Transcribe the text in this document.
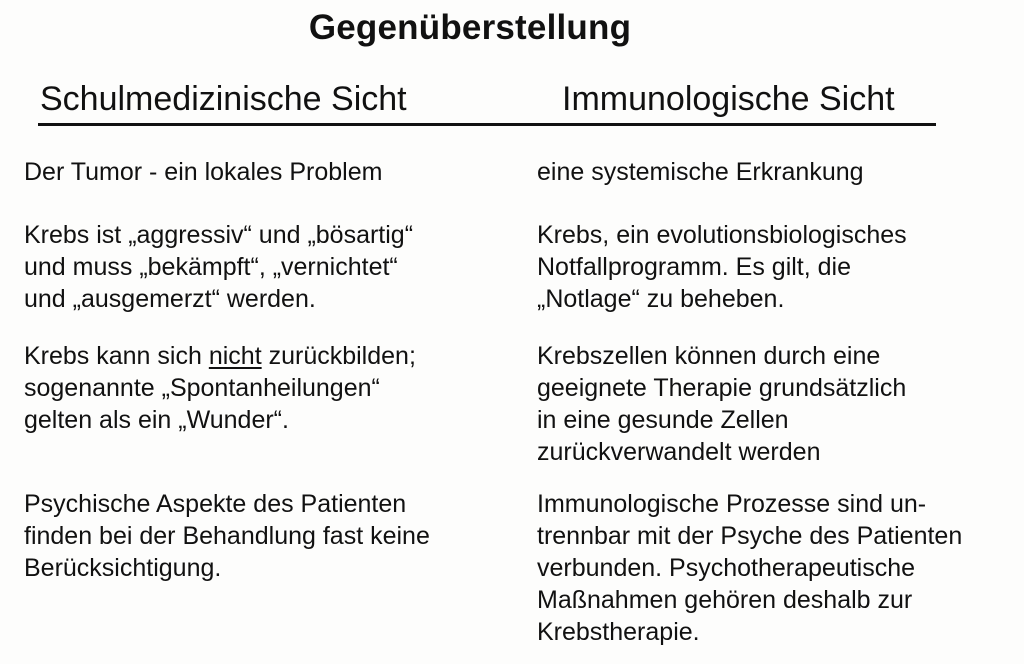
Gegenüberstellung
Schulmedizinische Sicht	Immunologische Sicht
Der Tumor - ein lokales Problem	eine systemische Erkrankung
Krebs ist „aggressiv“ und „bösartig“
und muss „bekämpft“, „vernichtet“
und „ausgemerzt“ werden.
Krebs, ein evolutionsbiologisches
Notfallprogramm. Es gilt, die
„Notlage“ zu beheben.
Krebs kann sich nicht zurückbilden;
sogenannte „Spontanheilungen“
gelten als ein „Wunder“.
Krebszellen können durch eine
geeignete Therapie grundsätzlich
in eine gesunde Zellen
zurückverwandelt werden
Psychische Aspekte des Patienten
finden bei der Behandlung fast keine
Berücksichtigung.
Immunologische Prozesse sind un-
trennbar mit der Psyche des Patienten
verbunden. Psychotherapeutische
Maßnahmen gehören deshalb zur
Krebstherapie.
